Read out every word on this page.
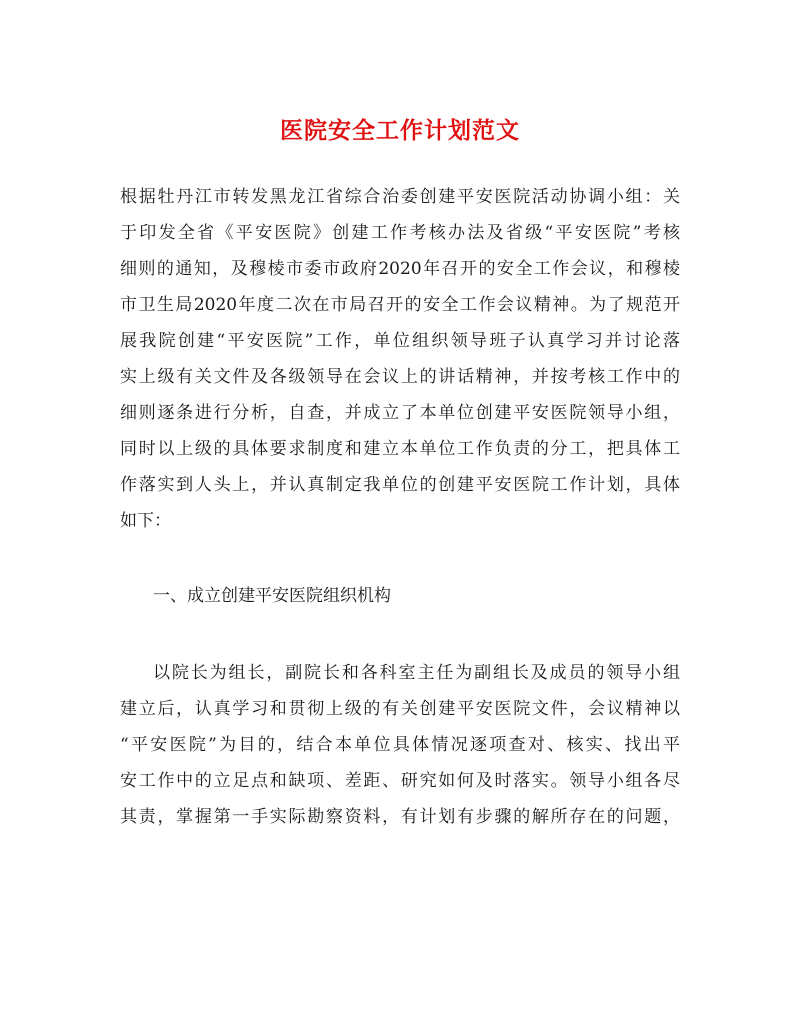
医院安全工作计划范文
根据牡丹江市转发黑龙江省综合治委创建平安医院活动协调小组：关
于印发全省《平安医院》创建工作考核办法及省级“平安医院”考核
细则的通知，及穆棱市委市政府2020年召开的安全工作会议，和穆棱
市卫生局2020年度二次在市局召开的安全工作会议精神。为了规范开
展我院创建“平安医院”工作，单位组织领导班子认真学习并讨论落
实上级有关文件及各级领导在会议上的讲话精神，并按考核工作中的
细则逐条进行分析，自查，并成立了本单位创建平安医院领导小组，
同时以上级的具体要求制度和建立本单位工作负责的分工，把具体工
作落实到人头上，并认真制定我单位的创建平安医院工作计划，具体
如下：
一、成立创建平安医院组织机构
以院长为组长，副院长和各科室主任为副组长及成员的领导小组
建立后，认真学习和贯彻上级的有关创建平安医院文件，会议精神以
“平安医院”为目的，结合本单位具体情况逐项查对、核实、找出平
安工作中的立足点和缺项、差距、研究如何及时落实。领导小组各尽
其责，掌握第一手实际勘察资料，有计划有步骤的解所存在的问题，
